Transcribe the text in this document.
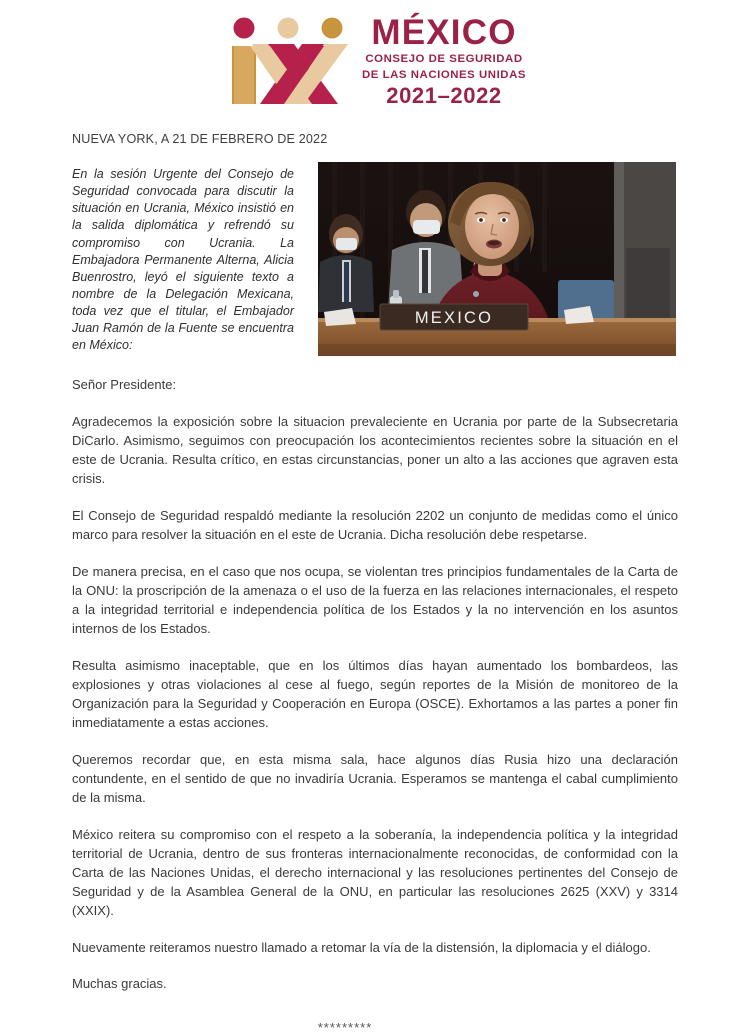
MÉXICO
CONSEJO DE SEGURIDAD
DE LAS NACIONES UNIDAS
2021–2022
NUEVA YORK, A 21 DE FEBRERO DE 2022
En la sesión Urgente del Consejo de Seguridad convocada para discutir la situación en Ucrania, México insistió en la salida diplomática y refrendó su compromiso con Ucrania. La Embajadora Permanente Alterna, Alicia Buenrostro, leyó el siguiente texto a nombre de la Delegación Mexicana, toda vez que el titular, el Embajador Juan Ramón de la Fuente se encuentra en México:
MEXICO

Señor Presidente:

Agradecemos la exposición sobre la situacion prevaleciente en Ucrania por parte de la Subsecretaria DiCarlo. Asimismo, seguimos con preocupación los acontecimientos recientes sobre la situación en el este de Ucrania. Resulta crítico, en estas circunstancias, poner un alto a las acciones que agraven esta crisis.

El Consejo de Seguridad respaldó mediante la resolución 2202 un conjunto de medidas como el único marco para resolver la situación en el este de Ucrania. Dicha resolución debe respetarse.

De manera precisa, en el caso que nos ocupa, se violentan tres principios fundamentales de la Carta de la ONU: la proscripción de la amenaza o el uso de la fuerza en las relaciones internacionales, el respeto a la integridad territorial e independencia política de los Estados y la no intervención en los asuntos internos de los Estados.

Resulta asimismo inaceptable, que en los últimos días hayan aumentado los bombardeos, las explosiones y otras violaciones al cese al fuego, según reportes de la Misión de monitoreo de la Organización para la Seguridad y Cooperación en Europa (OSCE). Exhortamos a las partes a poner fin inmediatamente a estas acciones.

Queremos recordar que, en esta misma sala, hace algunos días Rusia hizo una declaración contundente, en el sentido de que no invadiría Ucrania. Esperamos se mantenga el cabal cumplimiento de la misma.

México reitera su compromiso con el respeto a la soberanía, la independencia política y la integridad territorial de Ucrania, dentro de sus fronteras internacionalmente reconocidas, de conformidad con la Carta de las Naciones Unidas, el derecho internacional y las resoluciones pertinentes del Consejo de Seguridad y de la Asamblea General de la ONU, en particular las resoluciones 2625 (XXV) y 3314 (XXIX).

Nuevamente reiteramos nuestro llamado a retomar la vía de la distensión, la diplomacia y el diálogo.

Muchas gracias.

*********
